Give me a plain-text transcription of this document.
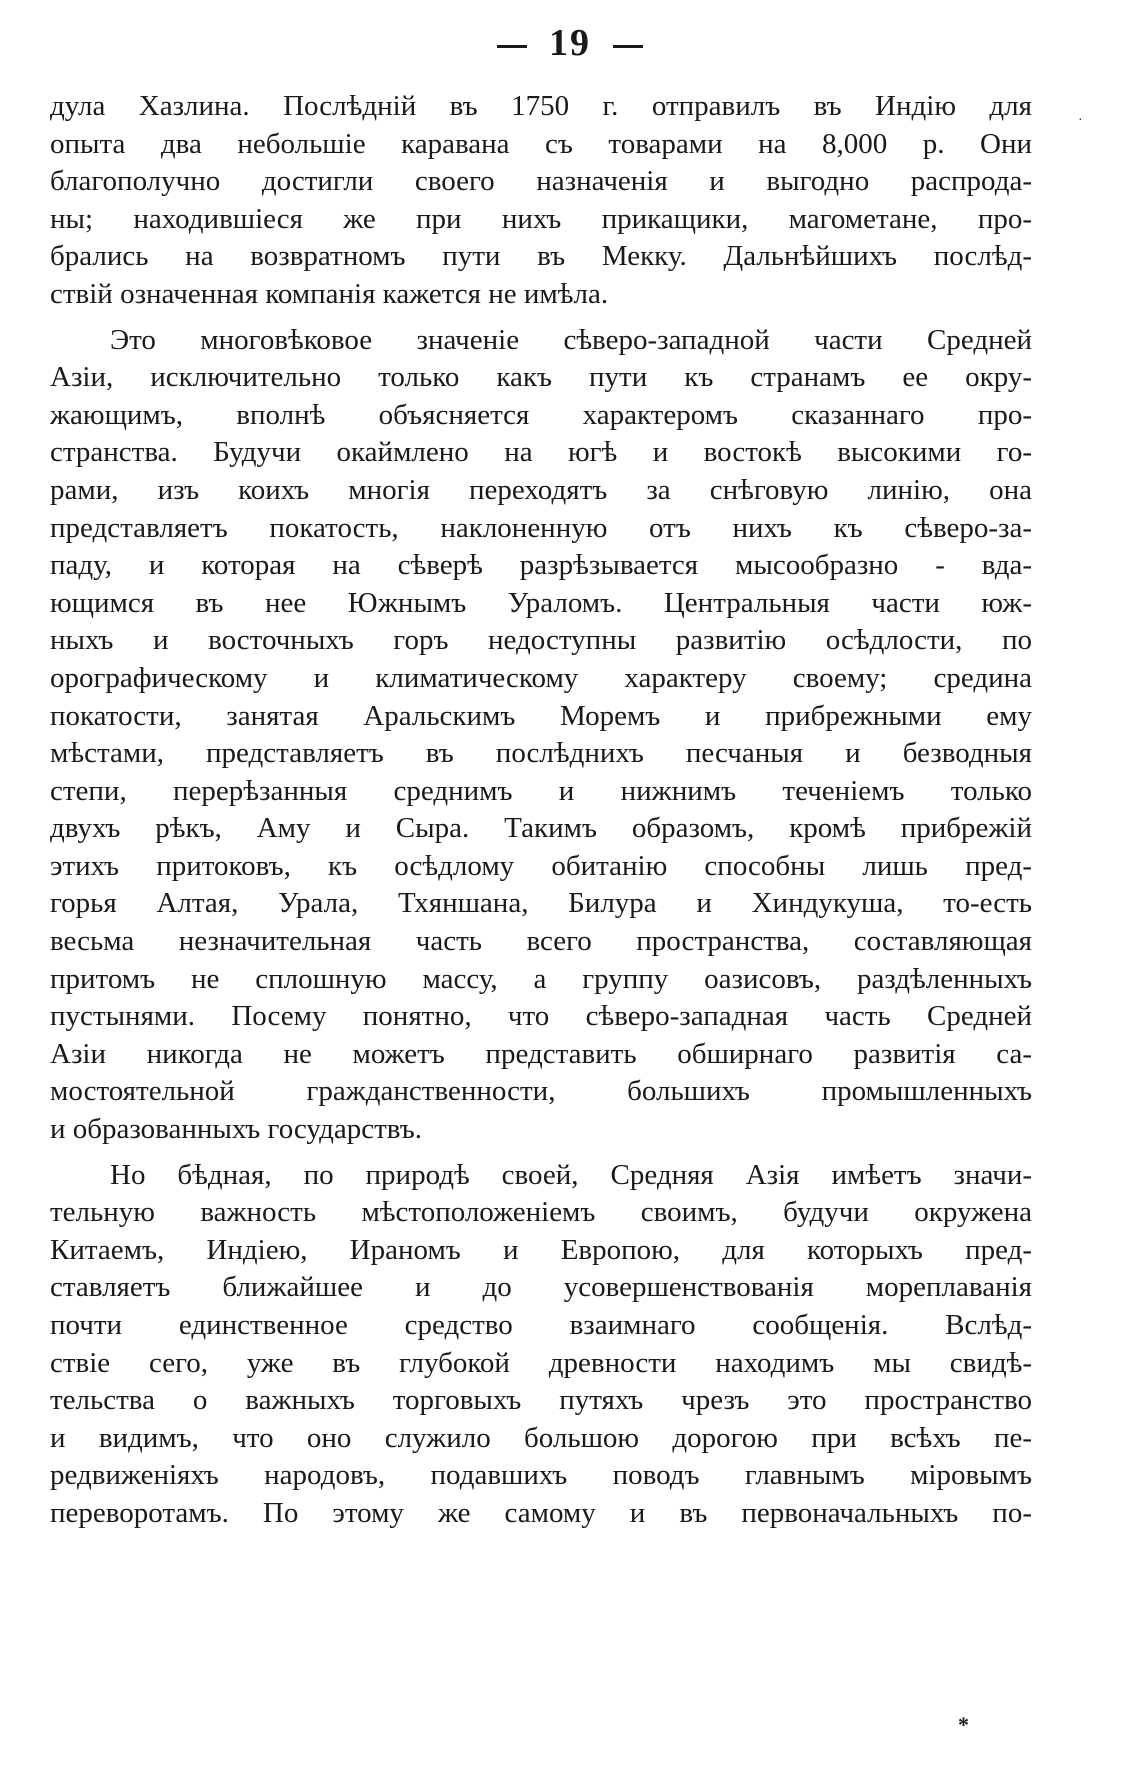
19
·
дула Хазлина. Послѣдній въ 1750 г. отправилъ въ Индію для
опыта два небольшіе каравана съ товарами на 8,000 р. Они
благополучно достигли своего назначенія и выгодно распрода-
ны; находившіеся же при нихъ прикащики, магометане, про-
брались на возвратномъ пути въ Мекку. Дальнѣйшихъ послѣд-
ствій означенная компанія кажется не имѣла.
Это многовѣковое значеніе сѣверо-западной части Средней
Азіи, исключительно только какъ пути къ странамъ ее окру-
жающимъ, вполнѣ объясняется характеромъ сказаннаго про-
странства. Будучи окаймлено на югѣ и востокѣ высокими го-
рами, изъ коихъ многія переходятъ за снѣговую линію, она
представляетъ покатость, наклоненную отъ нихъ къ сѣверо-за-
паду, и которая на сѣверѣ разрѣзывается мысообразно - вда-
ющимся въ нее Южнымъ Ураломъ. Центральныя части юж-
ныхъ и восточныхъ горъ недоступны развитію осѣдлости, по
орографическому и климатическому характеру своему; средина
покатости, занятая Аральскимъ Моремъ и прибрежными ему
мѣстами, представляетъ въ послѣднихъ песчаныя и безводныя
степи, перерѣзанныя среднимъ и нижнимъ теченіемъ только
двухъ рѣкъ, Аму и Сыра. Такимъ образомъ, кромѣ прибрежій
этихъ притоковъ, къ осѣдлому обитанію способны лишь пред-
горья Алтая, Урала, Тхяншана, Билура и Хиндукуша, то-есть
весьма незначительная часть всего пространства, составляющая
притомъ не сплошную массу, а группу оазисовъ, раздѣленныхъ
пустынями. Посему понятно, что сѣверо-западная часть Средней
Азіи никогда не можетъ представить обширнаго развитія са-
мостоятельной гражданственности, большихъ промышленныхъ
и образованныхъ государствъ.
Но бѣдная, по природѣ своей, Средняя Азія имѣетъ значи-
тельную важность мѣстоположеніемъ своимъ, будучи окружена
Китаемъ, Индіею, Ираномъ и Европою, для которыхъ пред-
ставляетъ ближайшее и до усовершенствованія мореплаванія
почти единственное средство взаимнаго сообщенія. Вслѣд-
ствіе сего, уже въ глубокой древности находимъ мы свидѣ-
тельства о важныхъ торговыхъ путяхъ чрезъ это пространство
и видимъ, что оно служило большою дорогою при всѣхъ пе-
редвиженіяхъ народовъ, подавшихъ поводъ главнымъ міровымъ
переворотамъ. По этому же самому и въ первоначальныхъ по-
*
